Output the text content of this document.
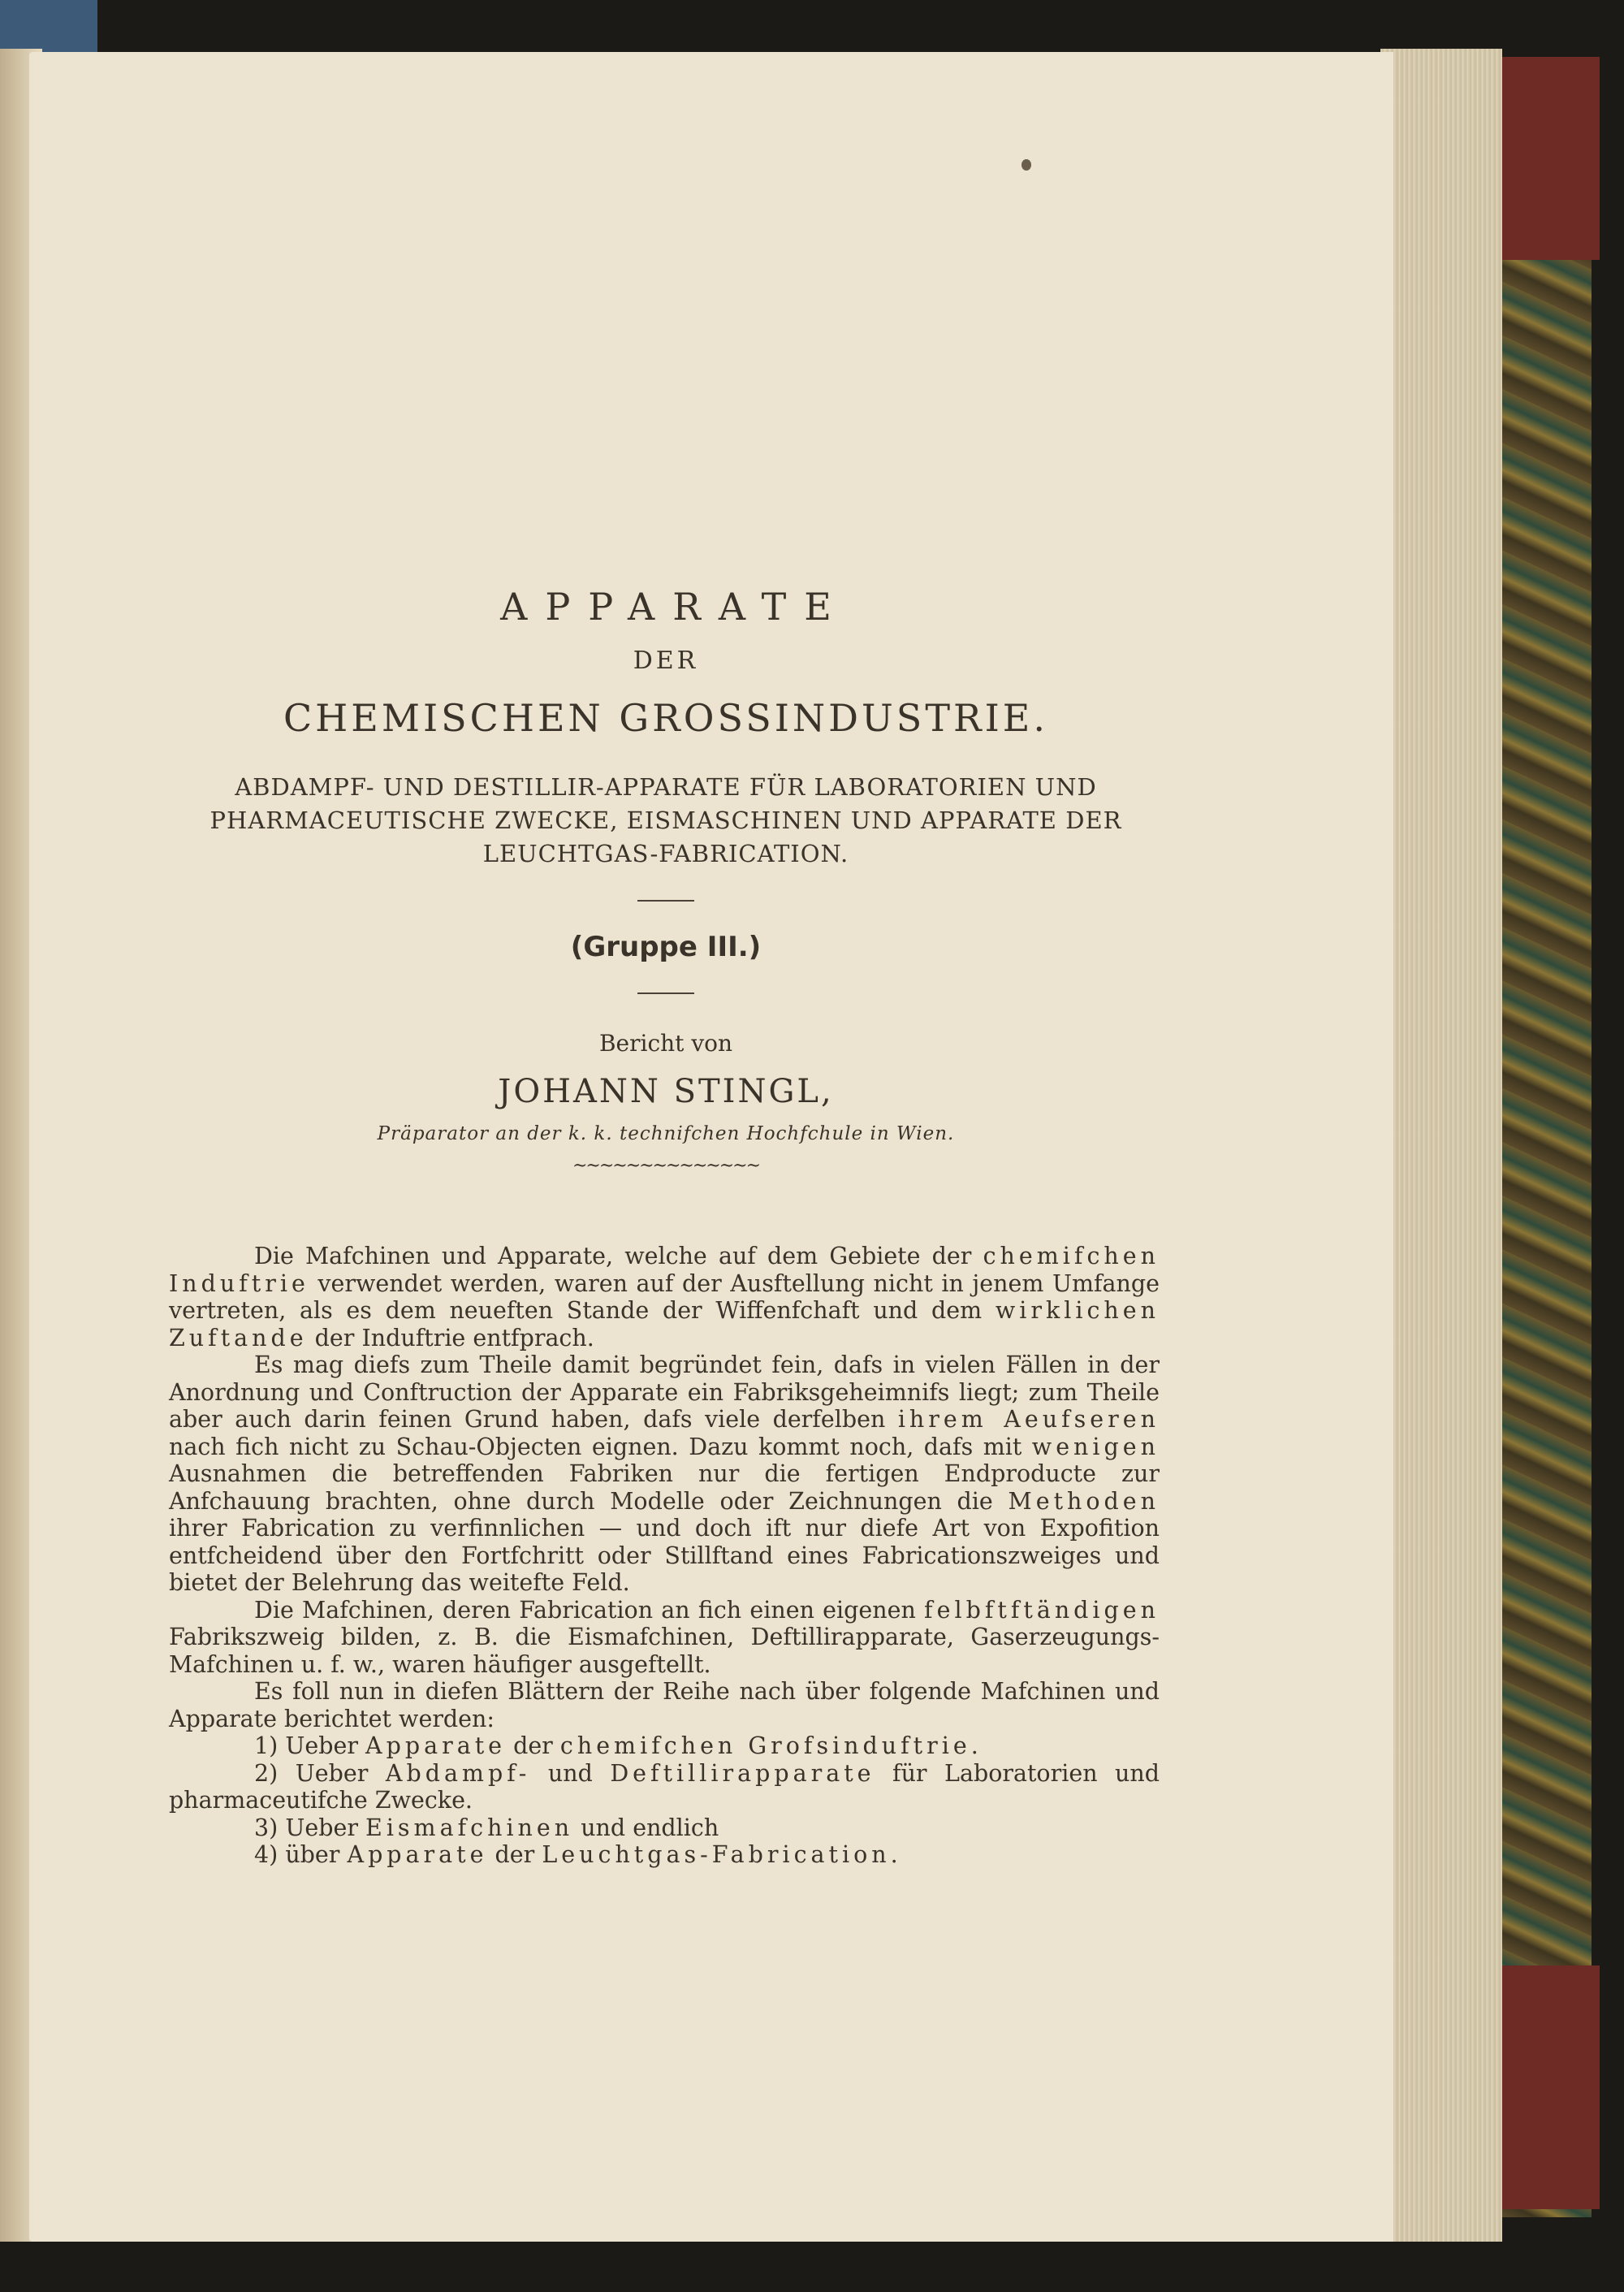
APPARATE
DER
CHEMISCHEN GROSSINDUSTRIE.
ABDAMPF- UND DESTILLIR-APPARATE FÜR LABORATORIEN UND
PHARMACEUTISCHE ZWECKE, EISMASCHINEN UND APPARATE DER
LEUCHTGAS-FABRICATION.
(Gruppe III.)
Bericht von
JOHANN STINGL,
Präparator an der k. k. technifchen Hochfchule in Wien.
~~~~~~~~~~~~~~

Die Mafchinen und Apparate, welche auf dem Gebiete der chemifchen Induftrie verwendet werden, waren auf der Ausftellung nicht in jenem Umfange vertreten, als es dem neueften Stande der Wiffenfchaft und dem wirklichen Zuftande der Induftrie entfprach.

Es mag diefs zum Theile damit begründet fein, dafs in vielen Fällen in der Anordnung und Conftruction der Apparate ein Fabriksgeheimnifs liegt; zum Theile aber auch darin feinen Grund haben, dafs viele derfelben ihrem Aeufseren nach fich nicht zu Schau-Objecten eignen. Dazu kommt noch, dafs mit wenigen Ausnahmen die betreffenden Fabriken nur die fertigen Endproducte zur Anfchauung brachten, ohne durch Modelle oder Zeichnungen die Methoden ihrer Fabrication zu verfinnlichen — und doch ift nur diefe Art von Expofition entfcheidend über den Fortfchritt oder Stillftand eines Fabricationszweiges und bietet der Belehrung das weitefte Feld.

Die Mafchinen, deren Fabrication an fich einen eigenen felbftftändigen Fabrikszweig bilden, z. B. die Eismafchinen, Deftillirapparate, Gaserzeugungs-Mafchinen u. f. w., waren häufiger ausgeftellt.

Es foll nun in diefen Blättern der Reihe nach über folgende Mafchinen und Apparate berichtet werden:

1) Ueber Apparate der chemifchen Grofsinduftrie.
2) Ueber Abdampf- und Deftillirapparate für Laboratorien und pharmaceutifche Zwecke.
3) Ueber Eismafchinen und endlich
4) über Apparate der Leuchtgas-Fabrication.
